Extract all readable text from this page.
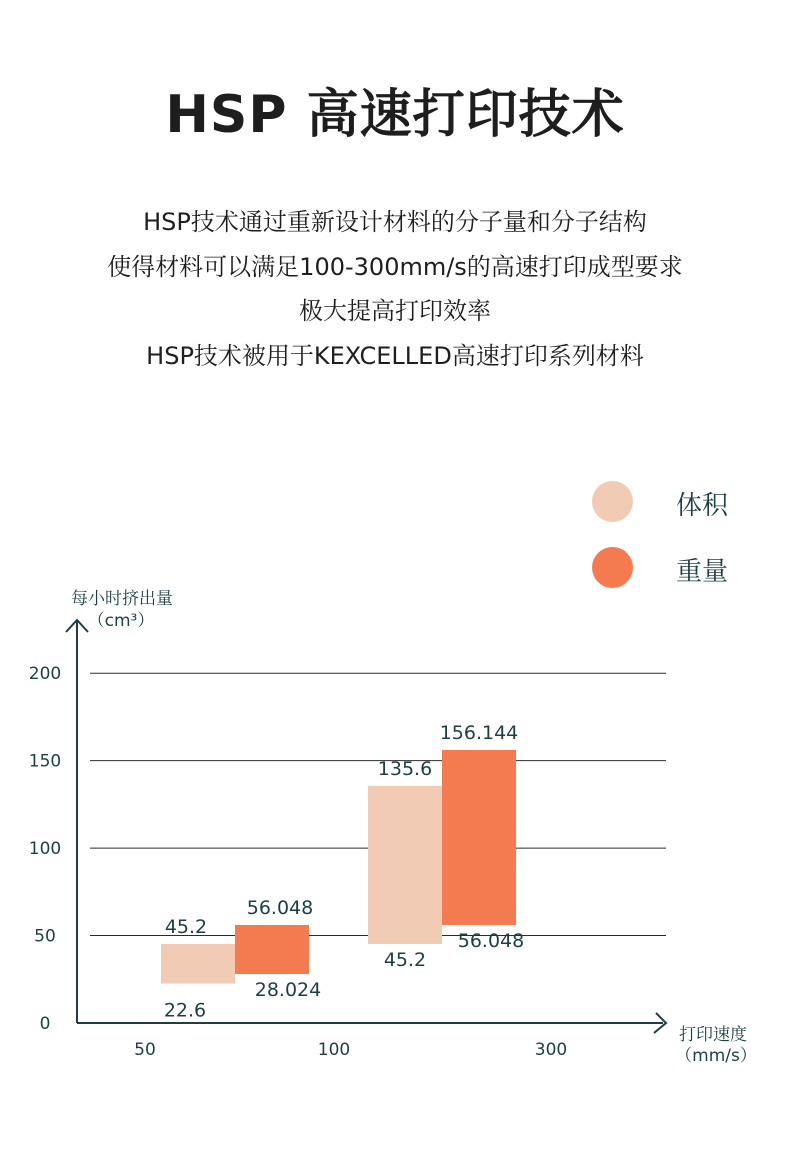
HSP 高速打印技术
HSP技术通过重新设计材料的分子量和分子结构
使得材料可以满足100-300mm/s的高速打印成型要求
极大提高打印效率
HSP技术被用于KEXCELLED高速打印系列材料
体积
重量
0
50
100
150
200
每小时挤出量
（cm³）
打印速度
（mm/s）
50	100	300
45.2
22.6
56.048
28.024
135.6
45.2
156.144
56.048
